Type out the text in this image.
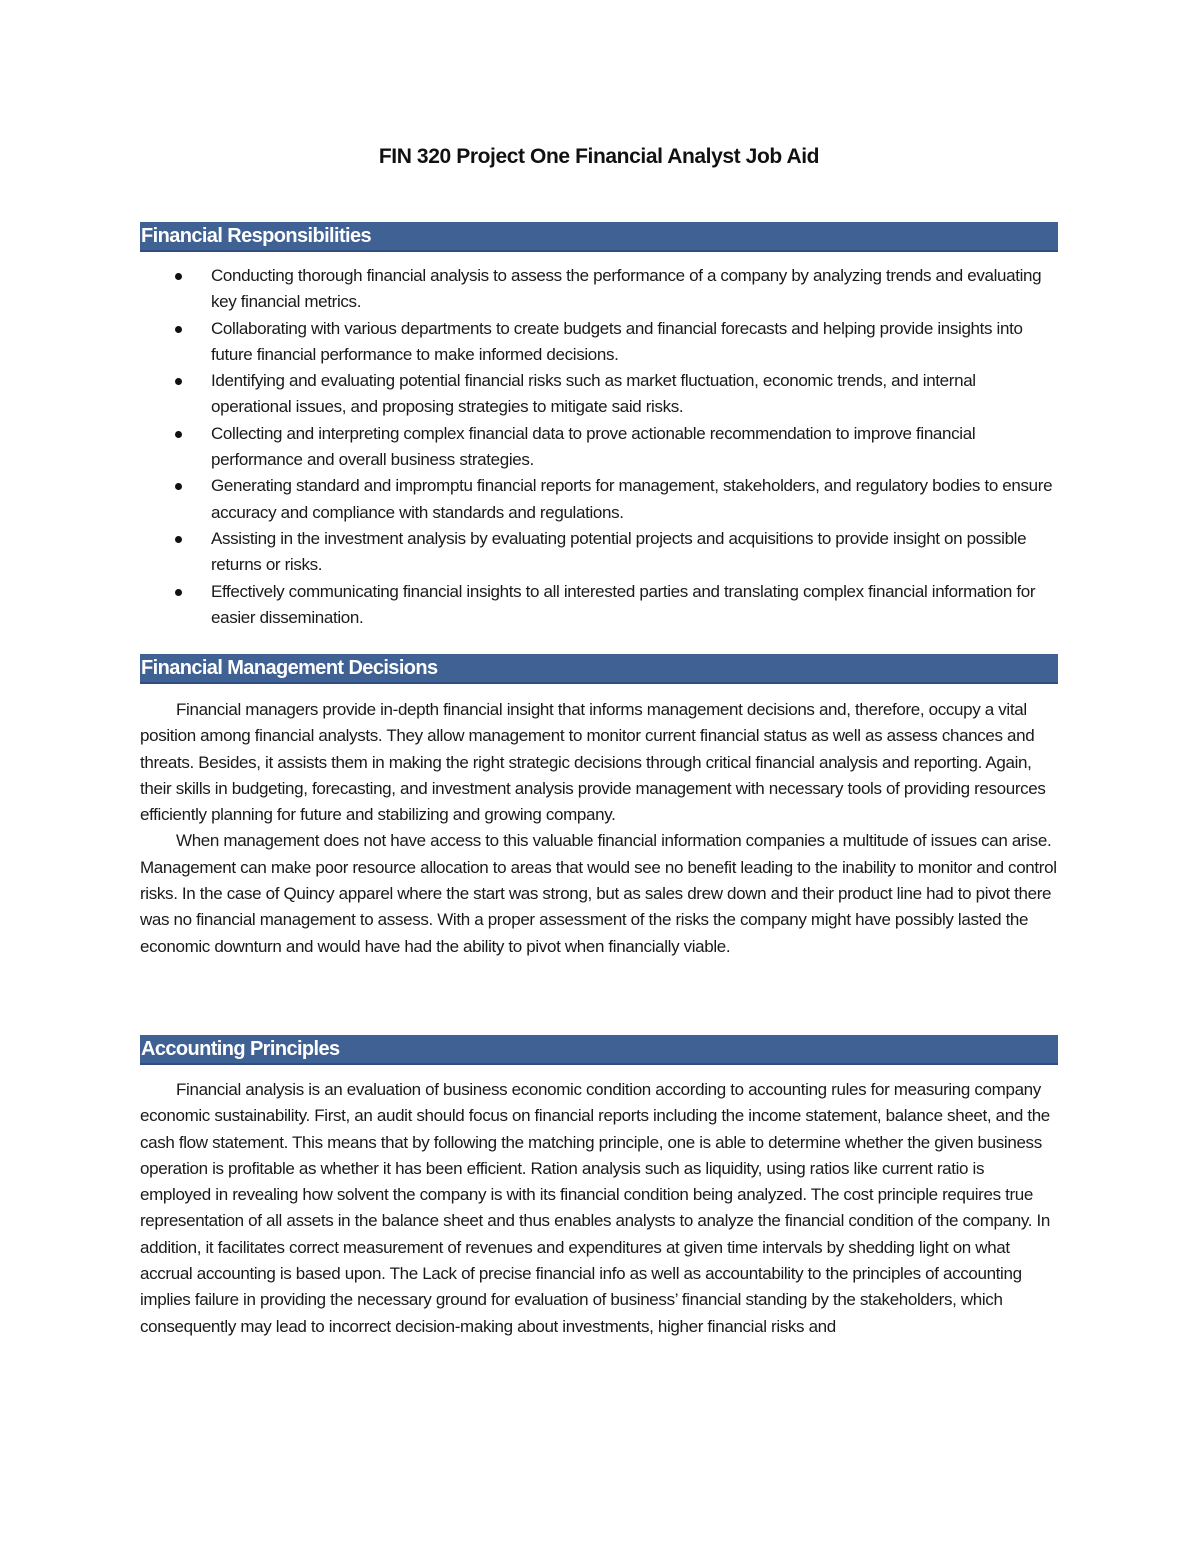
FIN 320 Project One Financial Analyst Job Aid
Financial Responsibilities
Conducting thorough financial analysis to assess the performance of a company by analyzing trends and evaluating key financial metrics.
Collaborating with various departments to create budgets and financial forecasts and helping provide insights into future financial performance to make informed decisions.
Identifying and evaluating potential financial risks such as market fluctuation, economic trends, and internal operational issues, and proposing strategies to mitigate said risks.
Collecting and interpreting complex financial data to prove actionable recommendation to improve financial performance and overall business strategies.
Generating standard and impromptu financial reports for management, stakeholders, and regulatory bodies to ensure accuracy and compliance with standards and regulations.
Assisting in the investment analysis by evaluating potential projects and acquisitions to provide insight on possible returns or risks.
Effectively communicating financial insights to all interested parties and translating complex financial information for easier dissemination.
Financial Management Decisions

Financial managers provide in-depth financial insight that informs management decisions and, therefore, occupy a vital position among financial analysts. They allow management to monitor current financial status as well as assess chances and threats. Besides, it assists them in making the right strategic decisions through critical financial analysis and reporting. Again, their skills in budgeting, forecasting, and investment analysis provide management with necessary tools of providing resources efficiently planning for future and stabilizing and growing company.

When management does not have access to this valuable financial information companies a multitude of issues can arise. Management can make poor resource allocation to areas that would see no benefit leading to the inability to monitor and control risks. In the case of Quincy apparel where the start was strong, but as sales drew down and their product line had to pivot there was no financial management to assess. With a proper assessment of the risks the company might have possibly lasted the economic downturn and would have had the ability to pivot when financially viable.

Accounting Principles

Financial analysis is an evaluation of business economic condition according to accounting rules for measuring company economic sustainability. First, an audit should focus on financial reports including the income statement, balance sheet, and the cash flow statement. This means that by following the matching principle, one is able to determine whether the given business operation is profitable as whether it has been efficient. Ration analysis such as liquidity, using ratios like current ratio is employed in revealing how solvent the company is with its financial condition being analyzed. The cost principle requires true representation of all assets in the balance sheet and thus enables analysts to analyze the financial condition of the company. In addition, it facilitates correct measurement of revenues and expenditures at given time intervals by shedding light on what accrual accounting is based upon. The Lack of precise financial info as well as accountability to the principles of accounting implies failure in providing the necessary ground for evaluation of business’ financial standing by the stakeholders, which consequently may lead to incorrect decision-making about investments, higher financial risks and
